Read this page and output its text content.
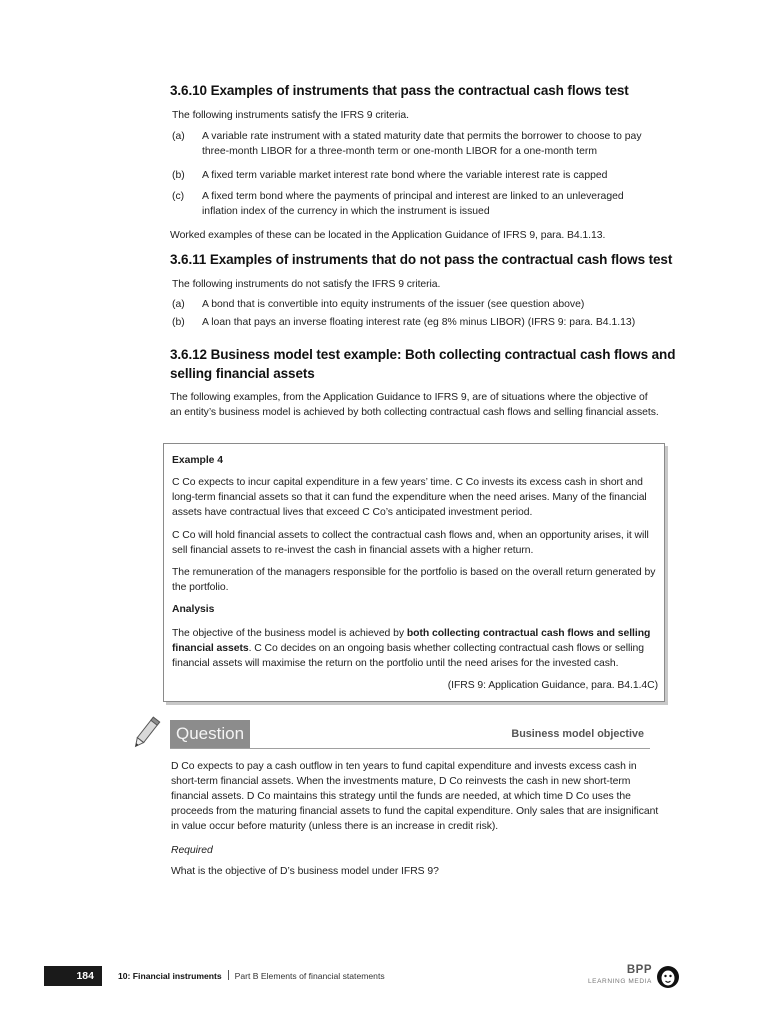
3.6.10 Examples of instruments that pass the contractual cash flows test

The following instruments satisfy the IFRS 9 criteria.

(a) A variable rate instrument with a stated maturity date that permits the borrower to choose to pay three-month LIBOR for a three-month term or one-month LIBOR for a one-month term
(b) A fixed term variable market interest rate bond where the variable interest rate is capped
(c) A fixed term bond where the payments of principal and interest are linked to an unleveraged inflation index of the currency in which the instrument is issued

Worked examples of these can be located in the Application Guidance of IFRS 9, para. B4.1.13.

3.6.11 Examples of instruments that do not pass the contractual cash flows test

The following instruments do not satisfy the IFRS 9 criteria.

(a) A bond that is convertible into equity instruments of the issuer (see question above)
(b) A loan that pays an inverse floating interest rate (eg 8% minus LIBOR) (IFRS 9: para. B4.1.13)
3.6.12 Business model test example: Both collecting contractual cash flows and
selling financial assets

The following examples, from the Application Guidance to IFRS 9, are of situations where the objective of an entity’s business model is achieved by both collecting contractual cash flows and selling financial assets.

Example 4

C Co expects to incur capital expenditure in a few years’ time. C Co invests its excess cash in short and long-term financial assets so that it can fund the expenditure when the need arises. Many of the financial assets have contractual lives that exceed C Co’s anticipated investment period.

C Co will hold financial assets to collect the contractual cash flows and, when an opportunity arises, it will sell financial assets to re-invest the cash in financial assets with a higher return.

The remuneration of the managers responsible for the portfolio is based on the overall return generated by the portfolio.

Analysis

The objective of the business model is achieved by both collecting contractual cash flows and selling financial assets. C Co decides on an ongoing basis whether collecting contractual cash flows or selling financial assets will maximise the return on the portfolio until the need arises for the invested cash.

(IFRS 9: Application Guidance, para. B4.1.4C)

Question	Business model objective

D Co expects to pay a cash outflow in ten years to fund capital expenditure and invests excess cash in short-term financial assets. When the investments mature, D Co reinvests the cash in new short-term financial assets. D Co maintains this strategy until the funds are needed, at which time D Co uses the proceeds from the maturing financial assets to fund the capital expenditure. Only sales that are insignificant in value occur before maturity (unless there is an increase in credit risk).

Required

What is the objective of D’s business model under IFRS 9?

184	10: Financial instruments Part B Elements of financial statements	BPP
LEARNING MEDIA
